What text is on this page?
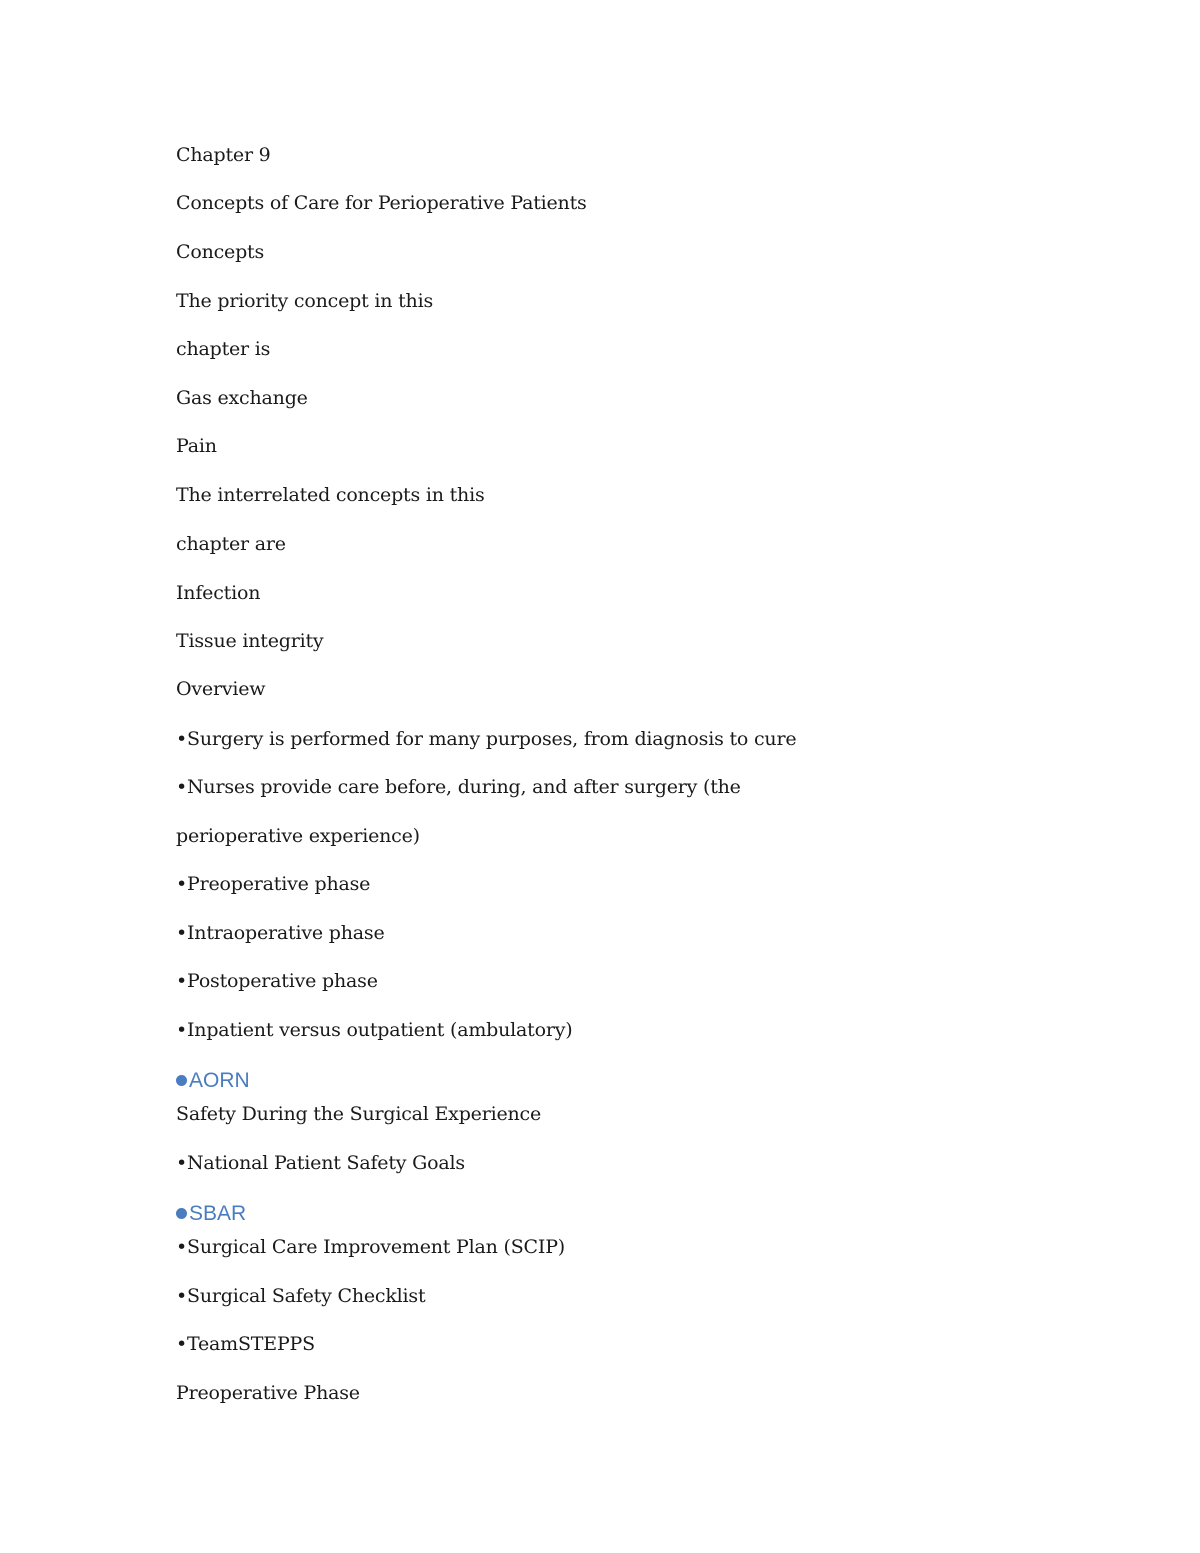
Chapter 9
Concepts of Care for Perioperative Patients
Concepts
The priority concept in this
chapter is
Gas exchange
Pain
The interrelated concepts in this
chapter are
Infection
Tissue integrity
Overview
•Surgery is performed for many purposes, from diagnosis to cure
•Nurses provide care before, during, and after surgery (the
perioperative experience)
•Preoperative phase
•Intraoperative phase
•Postoperative phase
•Inpatient versus outpatient (ambulatory)
AORN
Safety During the Surgical Experience
•National Patient Safety Goals
SBAR
•Surgical Care Improvement Plan (SCIP)
•Surgical Safety Checklist
•TeamSTEPPS
Preoperative Phase
